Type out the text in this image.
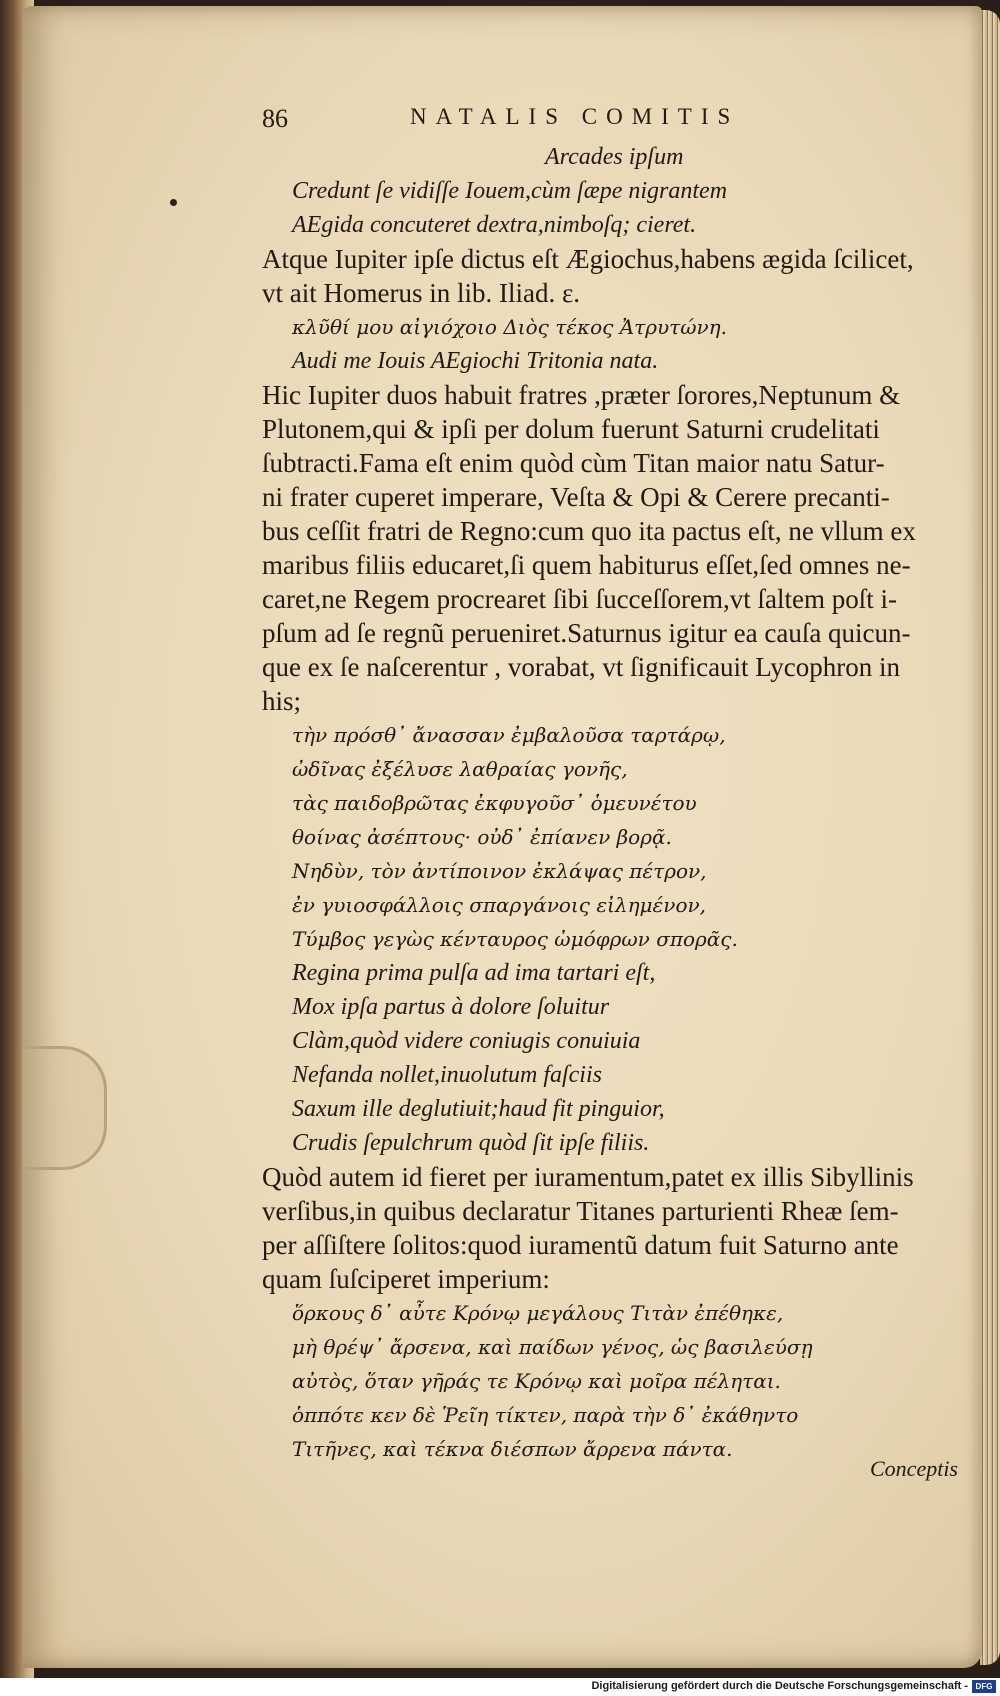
86	NATALIS COMITIS
Arcades ipſum
Credunt ſe vidiſſe Iouem,cùm ſæpe nigrantem
AEgida concuteret dextra,nimboſq; cieret.
Atque Iupiter ipſe dictus eſt Ægiochus,habens ægida ſcilicet,
vt ait Homerus in lib. Iliad. ε.
κλῦθί μου αἰγιόχοιο Διὸς τέκος Ἀτρυτώνη.
Audi me Iouis AEgiochi Tritonia nata.
Hic Iupiter duos habuit fratres ,præter ſorores,Neptunum &
Plutonem,qui & ipſi per dolum fuerunt Saturni crudelitati
ſubtracti.Fama eſt enim quòd cùm Titan maior natu Satur-
ni frater cuperet imperare, Veſta & Opi & Cerere precanti-
bus ceſſit fratri de Regno:cum quo ita pactus eſt, ne vllum ex
maribus filiis educaret,ſi quem habiturus eſſet,ſed omnes ne-
caret,ne Regem procrearet ſibi ſucceſſorem,vt ſaltem poſt i-
pſum ad ſe regnũ perueniret.Saturnus igitur ea cauſa quicun-
que ex ſe naſcerentur , vorabat, vt ſignificauit Lycophron in
his;
τὴν πρόσθ᾽ ἄνασσαν ἐμβαλοῦσα ταρτάρῳ,
ὠδῖνας ἐξέλυσε λαθραίας γονῆς,
τὰς παιδοβρῶτας ἐκφυγοῦσ᾽ ὁμευνέτου
θοίνας ἀσέπτους· οὐδ᾽ ἐπίανεν βορᾷ.
Νηδὺν, τὸν ἀντίποινον ἐκλάψας πέτρον,
ἐν γυιοσφάλλοις σπαργάνοις εἰλημένον,
Τύμβος γεγὼς κένταυρος ὠμόφρων σπορᾶς.
Regina prima pulſa ad ima tartari eſt,
Mox ipſa partus à dolore ſoluitur
Clàm,quòd videre coniugis conuiuia
Nefanda nollet,inuolutum faſciis
Saxum ille deglutiuit;haud fit pinguior,
Crudis ſepulchrum quòd ſit ipſe filiis.
Quòd autem id fieret per iuramentum,patet ex illis Sibyllinis
verſibus,in quibus declaratur Titanes parturienti Rheæ ſem-
per aſſiſtere ſolitos:quod iuramentũ datum fuit Saturno ante
quam ſuſciperet imperium:
ὅρκους δ᾽ αὖτε Κρόνῳ μεγάλους Τιτὰν ἐπέθηκε,
μὴ θρέψ᾽ ἄρσενα, καὶ παίδων γένος, ὡς βασιλεύσῃ
αὐτὸς, ὅταν γῆράς τε Κρόνῳ καὶ μοῖρα πέληται.
ὁππότε κεν δὲ Ῥεῖη τίκτεν, παρὰ τὴν δ᾽ ἐκάθηντο
Τιτῆνες, καὶ τέκνα διέσπων ἄρρενα πάντα.
Conceptis
Digitalisierung gefördert durch die Deutsche Forschungsgemeinschaft - DFG
